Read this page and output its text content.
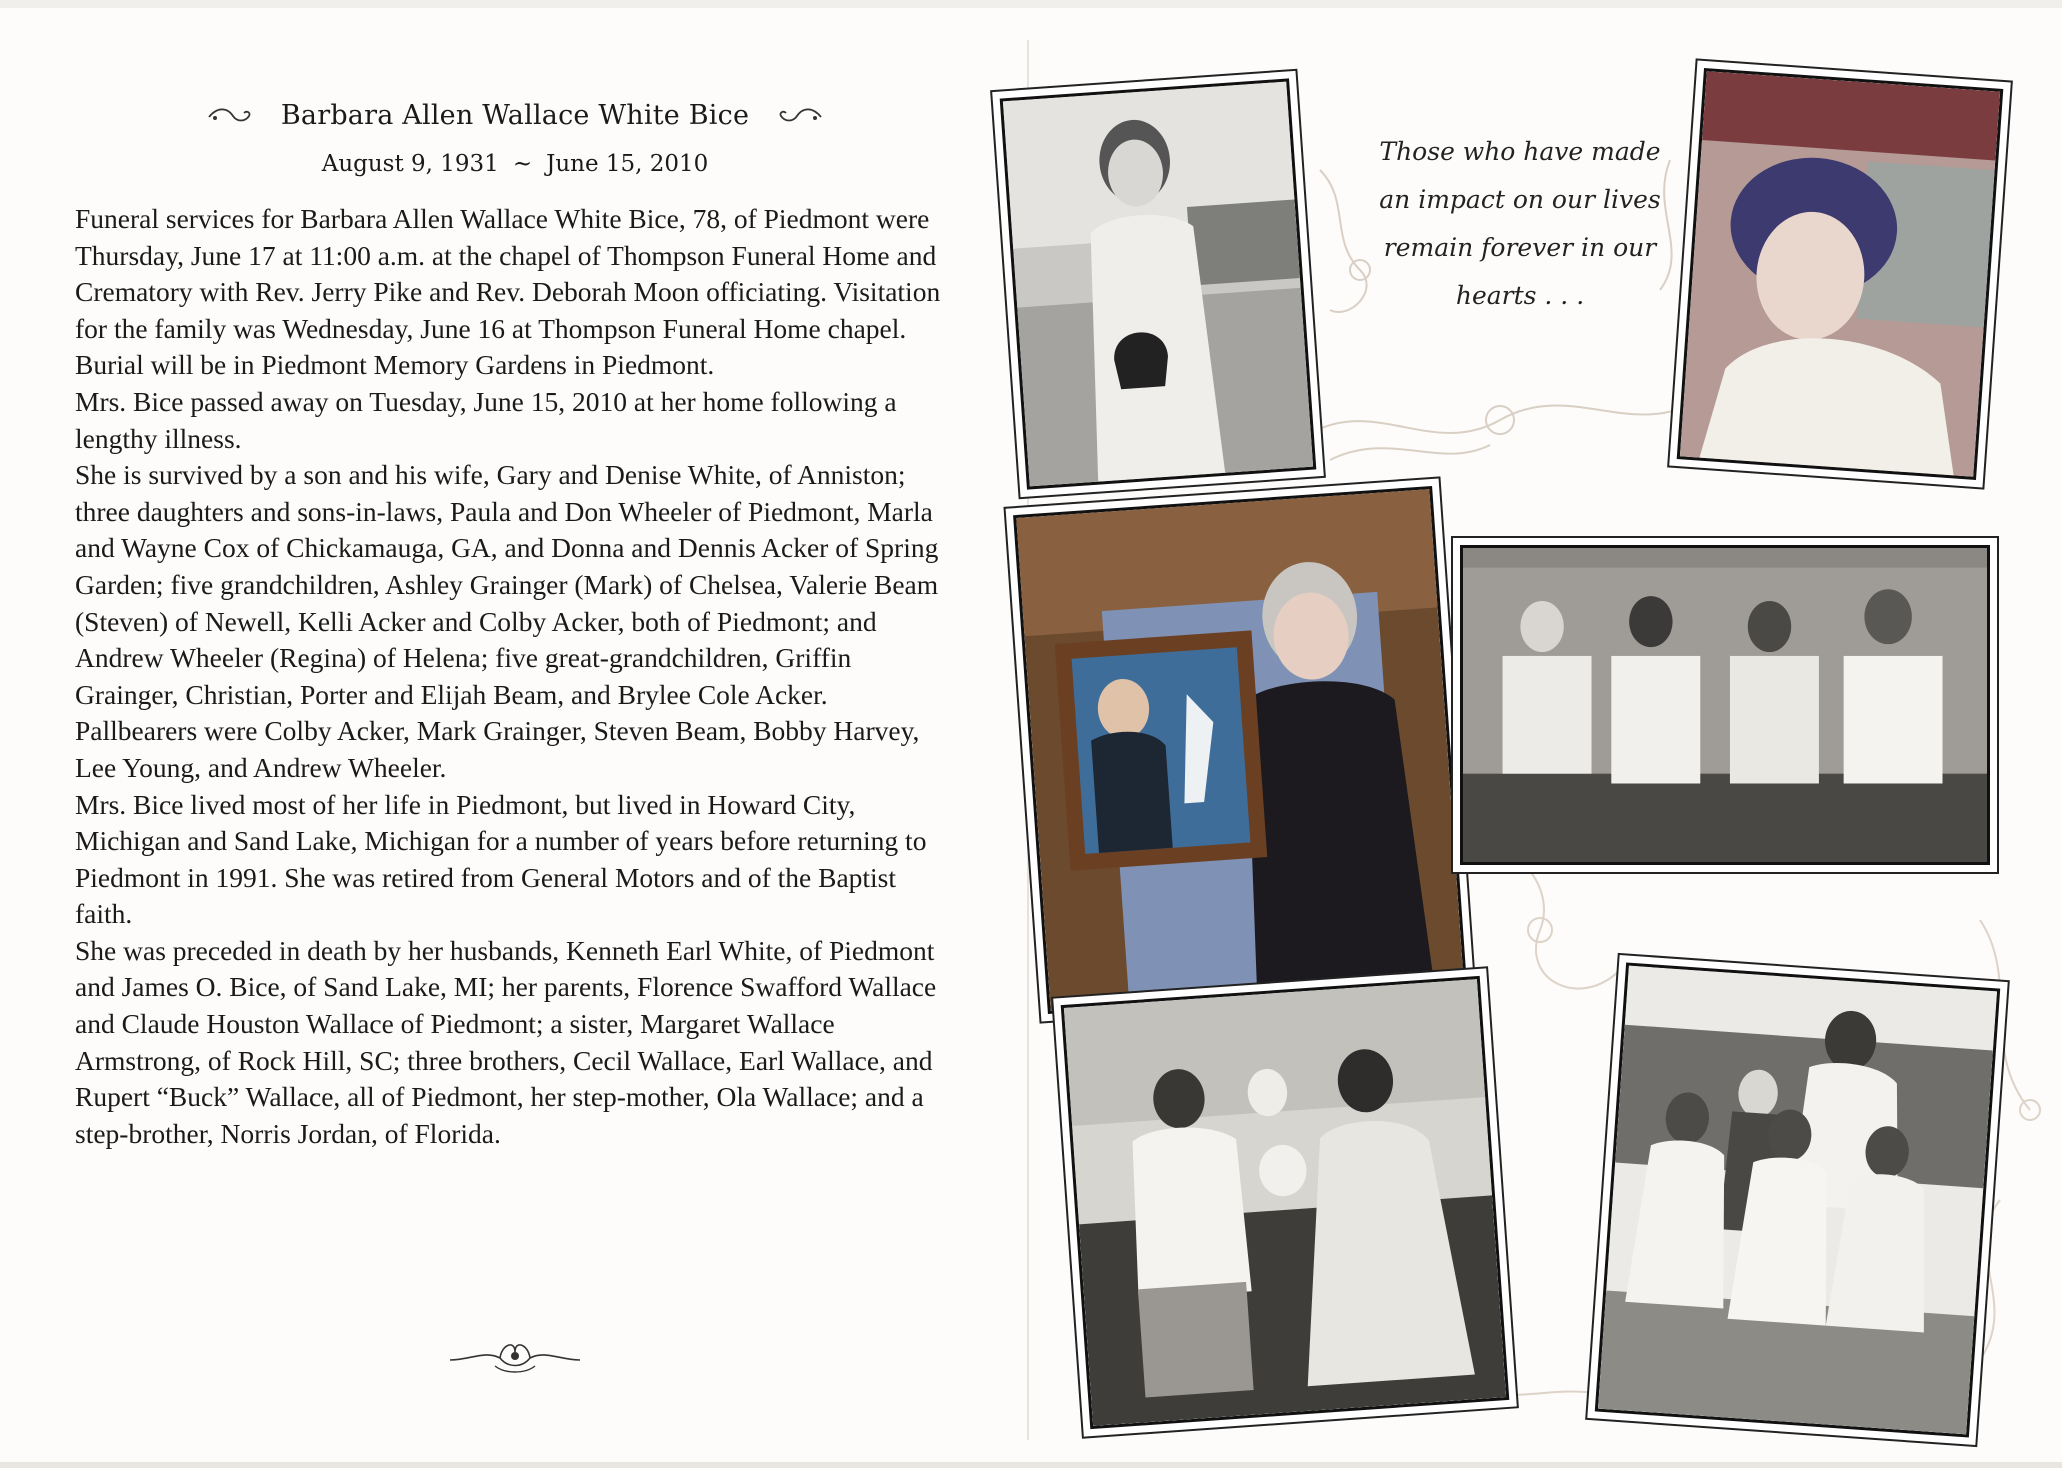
Barbara Allen Wallace White Bice
August 9, 1931 ~ June 15, 2010

Funeral services for Barbara Allen Wallace White Bice, 78, of Piedmont were Thursday, June 17 at 11:00 a.m. at the chapel of Thompson Funeral Home and Crematory with Rev. Jerry Pike and Rev. Deborah Moon officiating. Visitation for the family was Wednesday, June 16 at Thompson Funeral Home chapel. Burial will be in Piedmont Memory Gardens in Piedmont.

Mrs. Bice passed away on Tuesday, June 15, 2010 at her home following a lengthy illness.

She is survived by a son and his wife, Gary and Denise White, of Anniston; three daughters and sons-in-laws, Paula and Don Wheeler of Piedmont, Marla and Wayne Cox of Chickamauga, GA, and Donna and Dennis Acker of Spring Garden; five grandchildren, Ashley Grainger (Mark) of Chelsea, Valerie Beam (Steven) of Newell, Kelli Acker and Colby Acker, both of Piedmont; and Andrew Wheeler (Regina) of Helena; five great-grandchildren, Griffin Grainger, Christian, Porter and Elijah Beam, and Brylee Cole Acker.

Pallbearers were Colby Acker, Mark Grainger, Steven Beam, Bobby Harvey, Lee Young, and Andrew Wheeler.

Mrs. Bice lived most of her life in Piedmont, but lived in Howard City, Michigan and Sand Lake, Michigan for a number of years before returning to Piedmont in 1991. She was retired from General Motors and of the Baptist faith.

She was preceded in death by her husbands, Kenneth Earl White, of Piedmont and James O. Bice, of Sand Lake, MI; her parents, Florence Swafford Wallace and Claude Houston Wallace of Piedmont; a sister, Margaret Wallace Armstrong, of Rock Hill, SC; three brothers, Cecil Wallace, Earl Wallace, and Rupert “Buck” Wallace, all of Piedmont, her step-mother, Ola Wallace; and a step-brother, Norris Jordan, of Florida.

Those who have made
an impact on our lives
remain forever in our
hearts . . .
